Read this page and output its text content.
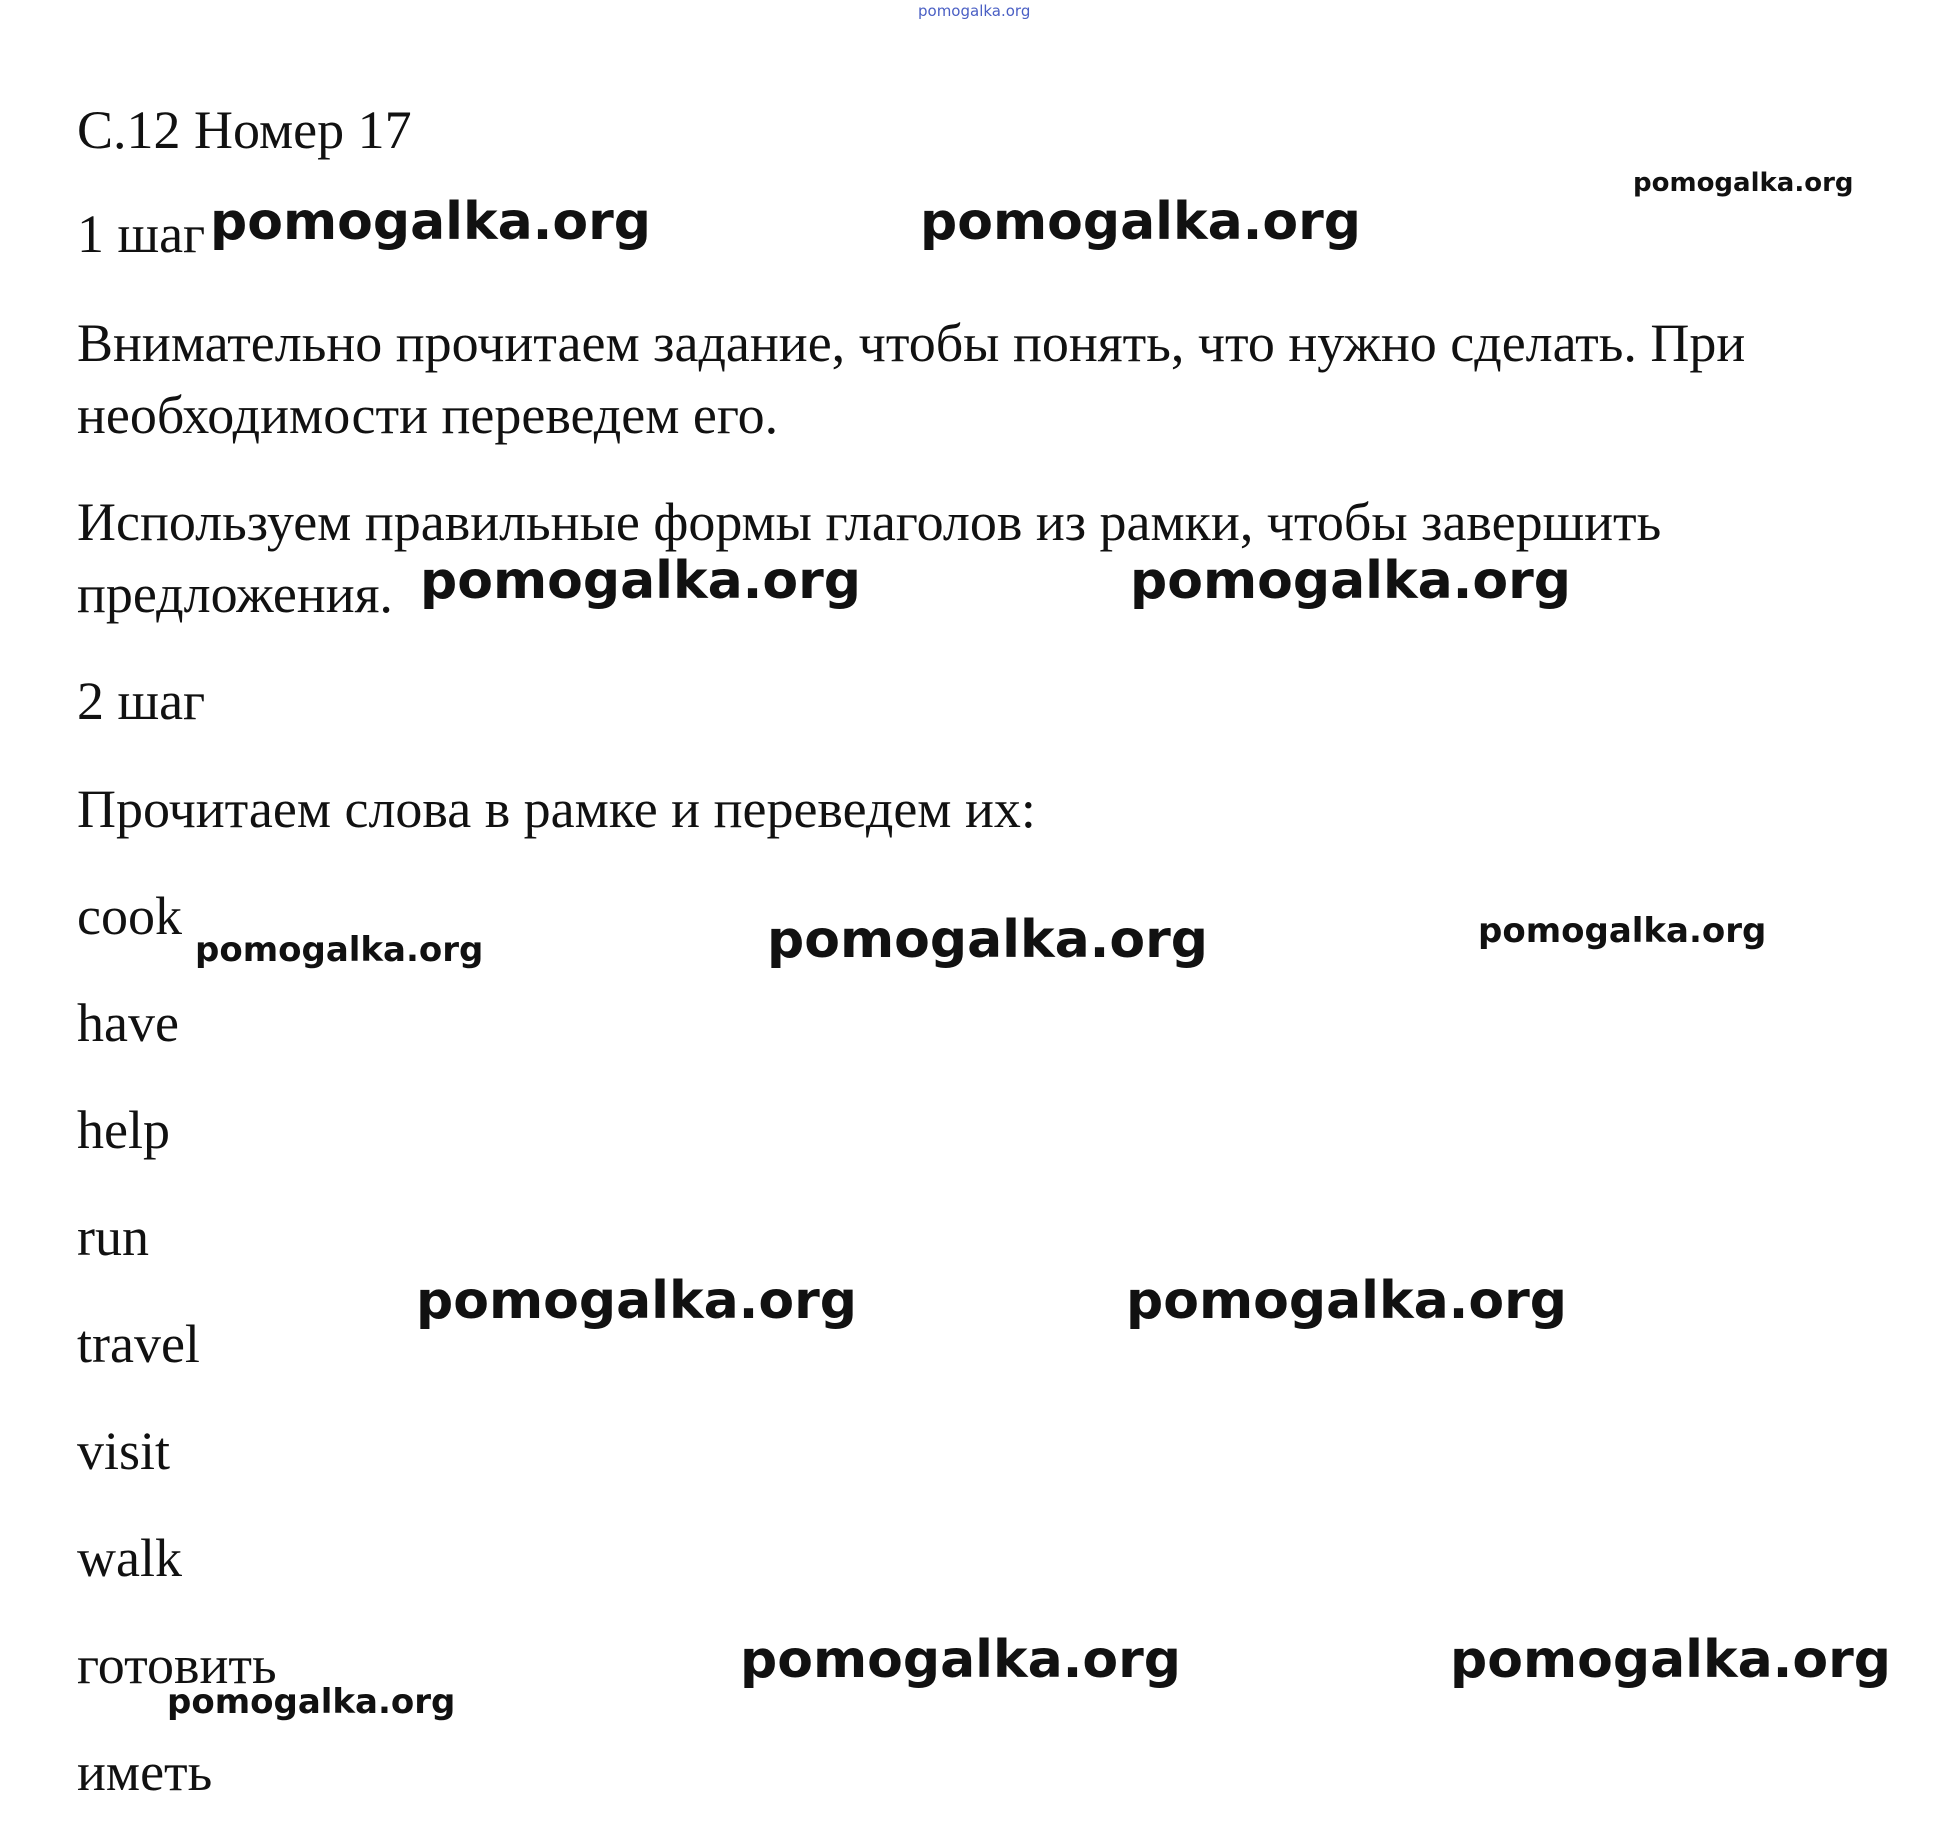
pomogalka.org
С.12 Номер 17

1 шаг

Внимательно прочитаем задание, чтобы понять, что нужно сделать. При необходимости переведем его.

Используем правильные формы глаголов из рамки, чтобы завершить предложения.

2 шаг

Прочитаем слова в рамке и переведем их:

cook

have

help

run

travel

visit

walk

готовить

иметь

pomogalka.org
pomogalka.org	pomogalka.org
pomogalka.org	pomogalka.org
pomogalka.org	pomogalka.org	pomogalka.org
pomogalka.org	pomogalka.org
pomogalka.org	pomogalka.org
pomogalka.org
